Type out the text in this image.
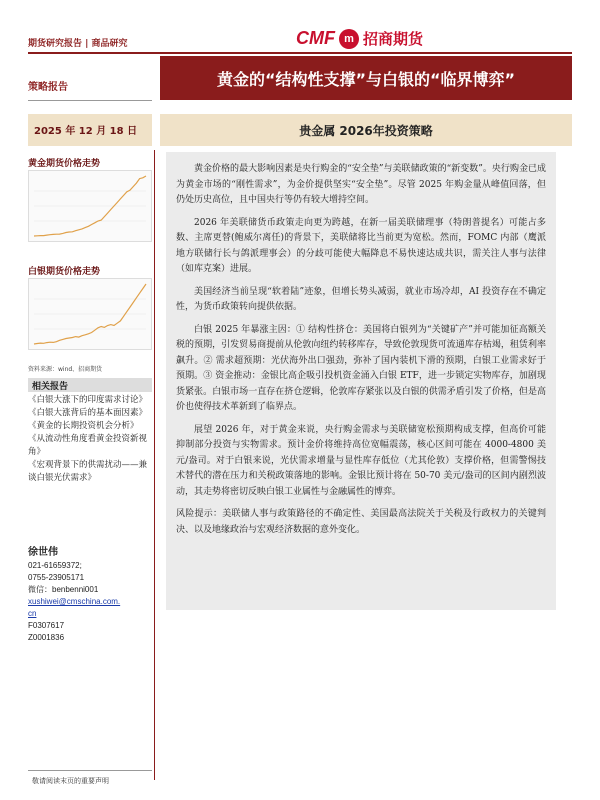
期货研究报告 | 商品研究	CMF m 招商期货
策略报告	黄金的“结构性支撑”与白银的“临界博弈”
2025 年 12 月 18 日	贵金属 2026年投资策略
黄金期货价格走势
白银期货价格走势
资料来源：wind、招商期货
相关报告
《白银大涨下的印度需求讨论》
《白银大涨背后的基本面因素》
《黄金的长期投资机会分析》
《从流动性角度看黄金投资新视角》
《宏观背景下的供需扰动——兼谈白银光伏需求》
徐世伟
021-61659372;
0755-23905171
微信：benbenni001
xushiwei@cmschina.com.
cn
F0307617
Z0001836
敬请阅读末页的重要声明

黄金价格的最大影响因素是央行购金的“安全垫”与美联储政策的“新变数”。央行购金已成为黄金市场的“刚性需求”，为金价提供坚实“安全垫”。尽管 2025 年购金量从峰值回落，但仍处历史高位，且中国央行等仍有较大增持空间。

2026 年美联储货币政策走向更为跨越，在新一届美联储理事（特朗普提名）可能占多数、主席更替(鲍威尔离任)的背景下，美联储将比当前更为宽松。然而，FOMC 内部（鹰派地方联储行长与鸽派理事会）的分歧可能使大幅降息不易快速达成共识，需关注人事与法律（如库克案）进展。

美国经济当前呈现“软着陆”迹象，但增长势头减弱，就业市场冷却，AI 投资存在不确定性，为货币政策转向提供依据。

白银 2025 年暴涨主因：① 结构性挤仓：美国将白银列为“关键矿产”并可能加征高额关税的预期，引发贸易商提前从伦敦向纽约转移库存，导致伦敦现货可流通库存枯竭，租赁利率飙升。② 需求超预期：光伏海外出口强劲，弥补了国内装机下滑的预期，白银工业需求好于预期。③ 资金推动：金银比高企吸引投机资金涌入白银 ETF，进一步锁定实物库存，加剧现货紧张。白银市场一直存在挤仓逻辑，伦敦库存紧张以及白银的供需矛盾引发了价格，但是高价也使得技术革新到了临界点。

展望 2026 年，对于黄金来说，央行购金需求与美联储宽松预期构成支撑，但高价可能抑制部分投资与实物需求。预计金价将维持高位宽幅震荡，核心区间可能在 4000-4800 美元/盎司。对于白银来说，光伏需求增量与显性库存低位（尤其伦敦）支撑价格，但需警惕技术替代的潜在压力和关税政策落地的影响。金银比预计将在 50-70 美元/盎司的区间内剧烈波动，其走势将密切反映白银工业属性与金融属性的博弈。

风险提示：美联储人事与政策路径的不确定性、美国最高法院关于关税及行政权力的关键判决、以及地缘政治与宏观经济数据的意外变化。
